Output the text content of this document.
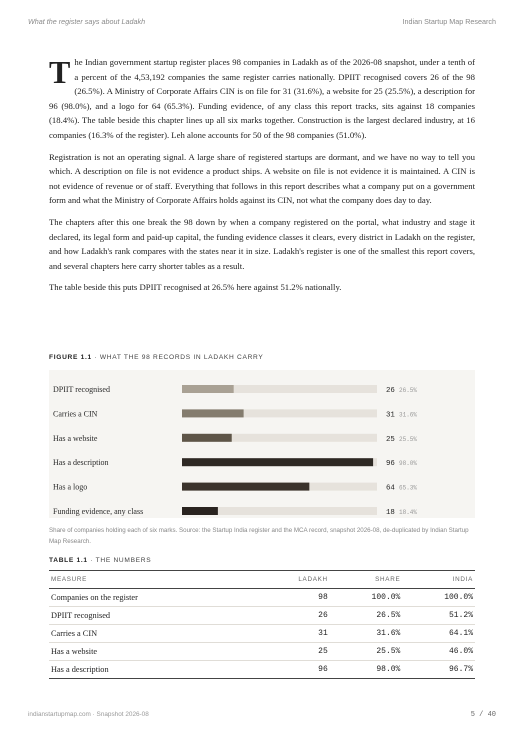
What the register says about Ladakh	Indian Startup Map Research

The Indian government startup register places 98 companies in Ladakh as of the 2026-08 snapshot, under a tenth of a percent of the 4,53,192 companies the same register carries nationally. DPIIT recognised covers 26 of the 98 (26.5%). A Ministry of Corporate Affairs CIN is on file for 31 (31.6%), a website for 25 (25.5%), a description for 96 (98.0%), and a logo for 64 (65.3%). Funding evidence, of any class this report tracks, sits against 18 companies (18.4%). The table beside this chapter lines up all six marks together. Construction is the largest declared industry, at 16 companies (16.3% of the register). Leh alone accounts for 50 of the 98 companies (51.0%).

Registration is not an operating signal. A large share of registered startups are dormant, and we have no way to tell you which. A description on file is not evidence a product ships. A website on file is not evidence it is maintained. A CIN is not evidence of revenue or of staff. Everything that follows in this report describes what a company put on a government form and what the Ministry of Corporate Affairs holds against its CIN, not what the company does day to day.

The chapters after this one break the 98 down by when a company registered on the portal, what industry and stage it declared, its legal form and paid-up capital, the funding evidence classes it clears, every district in Ladakh on the register, and how Ladakh's rank compares with the states near it in size. Ladakh's register is one of the smallest this report covers, and several chapters here carry shorter tables as a result.

The table beside this puts DPIIT recognised at 26.5% here against 51.2% nationally.

FIGURE 1.1 · WHAT THE 98 RECORDS IN LADAKH CARRY
DPIIT recognised	26 26.5%
Carries a CIN	31 31.6%
Has a website	25 25.5%
Has a description	96 98.0%
Has a logo	64 65.3%
Funding evidence, any class	18 18.4%
Share of companies holding each of six marks. Source: the Startup India register and the MCA record, snapshot 2026-08, de-duplicated by Indian Startup Map Research.
TABLE 1.1 · THE NUMBERS
MEASURE	LADAKH	SHARE	INDIA
Companies on the register	98	100.0%	100.0%
DPIIT recognised	26	26.5%	51.2%
Carries a CIN	31	31.6%	64.1%
Has a website	25	25.5%	46.0%
Has a description	96	98.0%	96.7%
indianstartupmap.com · Snapshot 2026-08	5 / 40
